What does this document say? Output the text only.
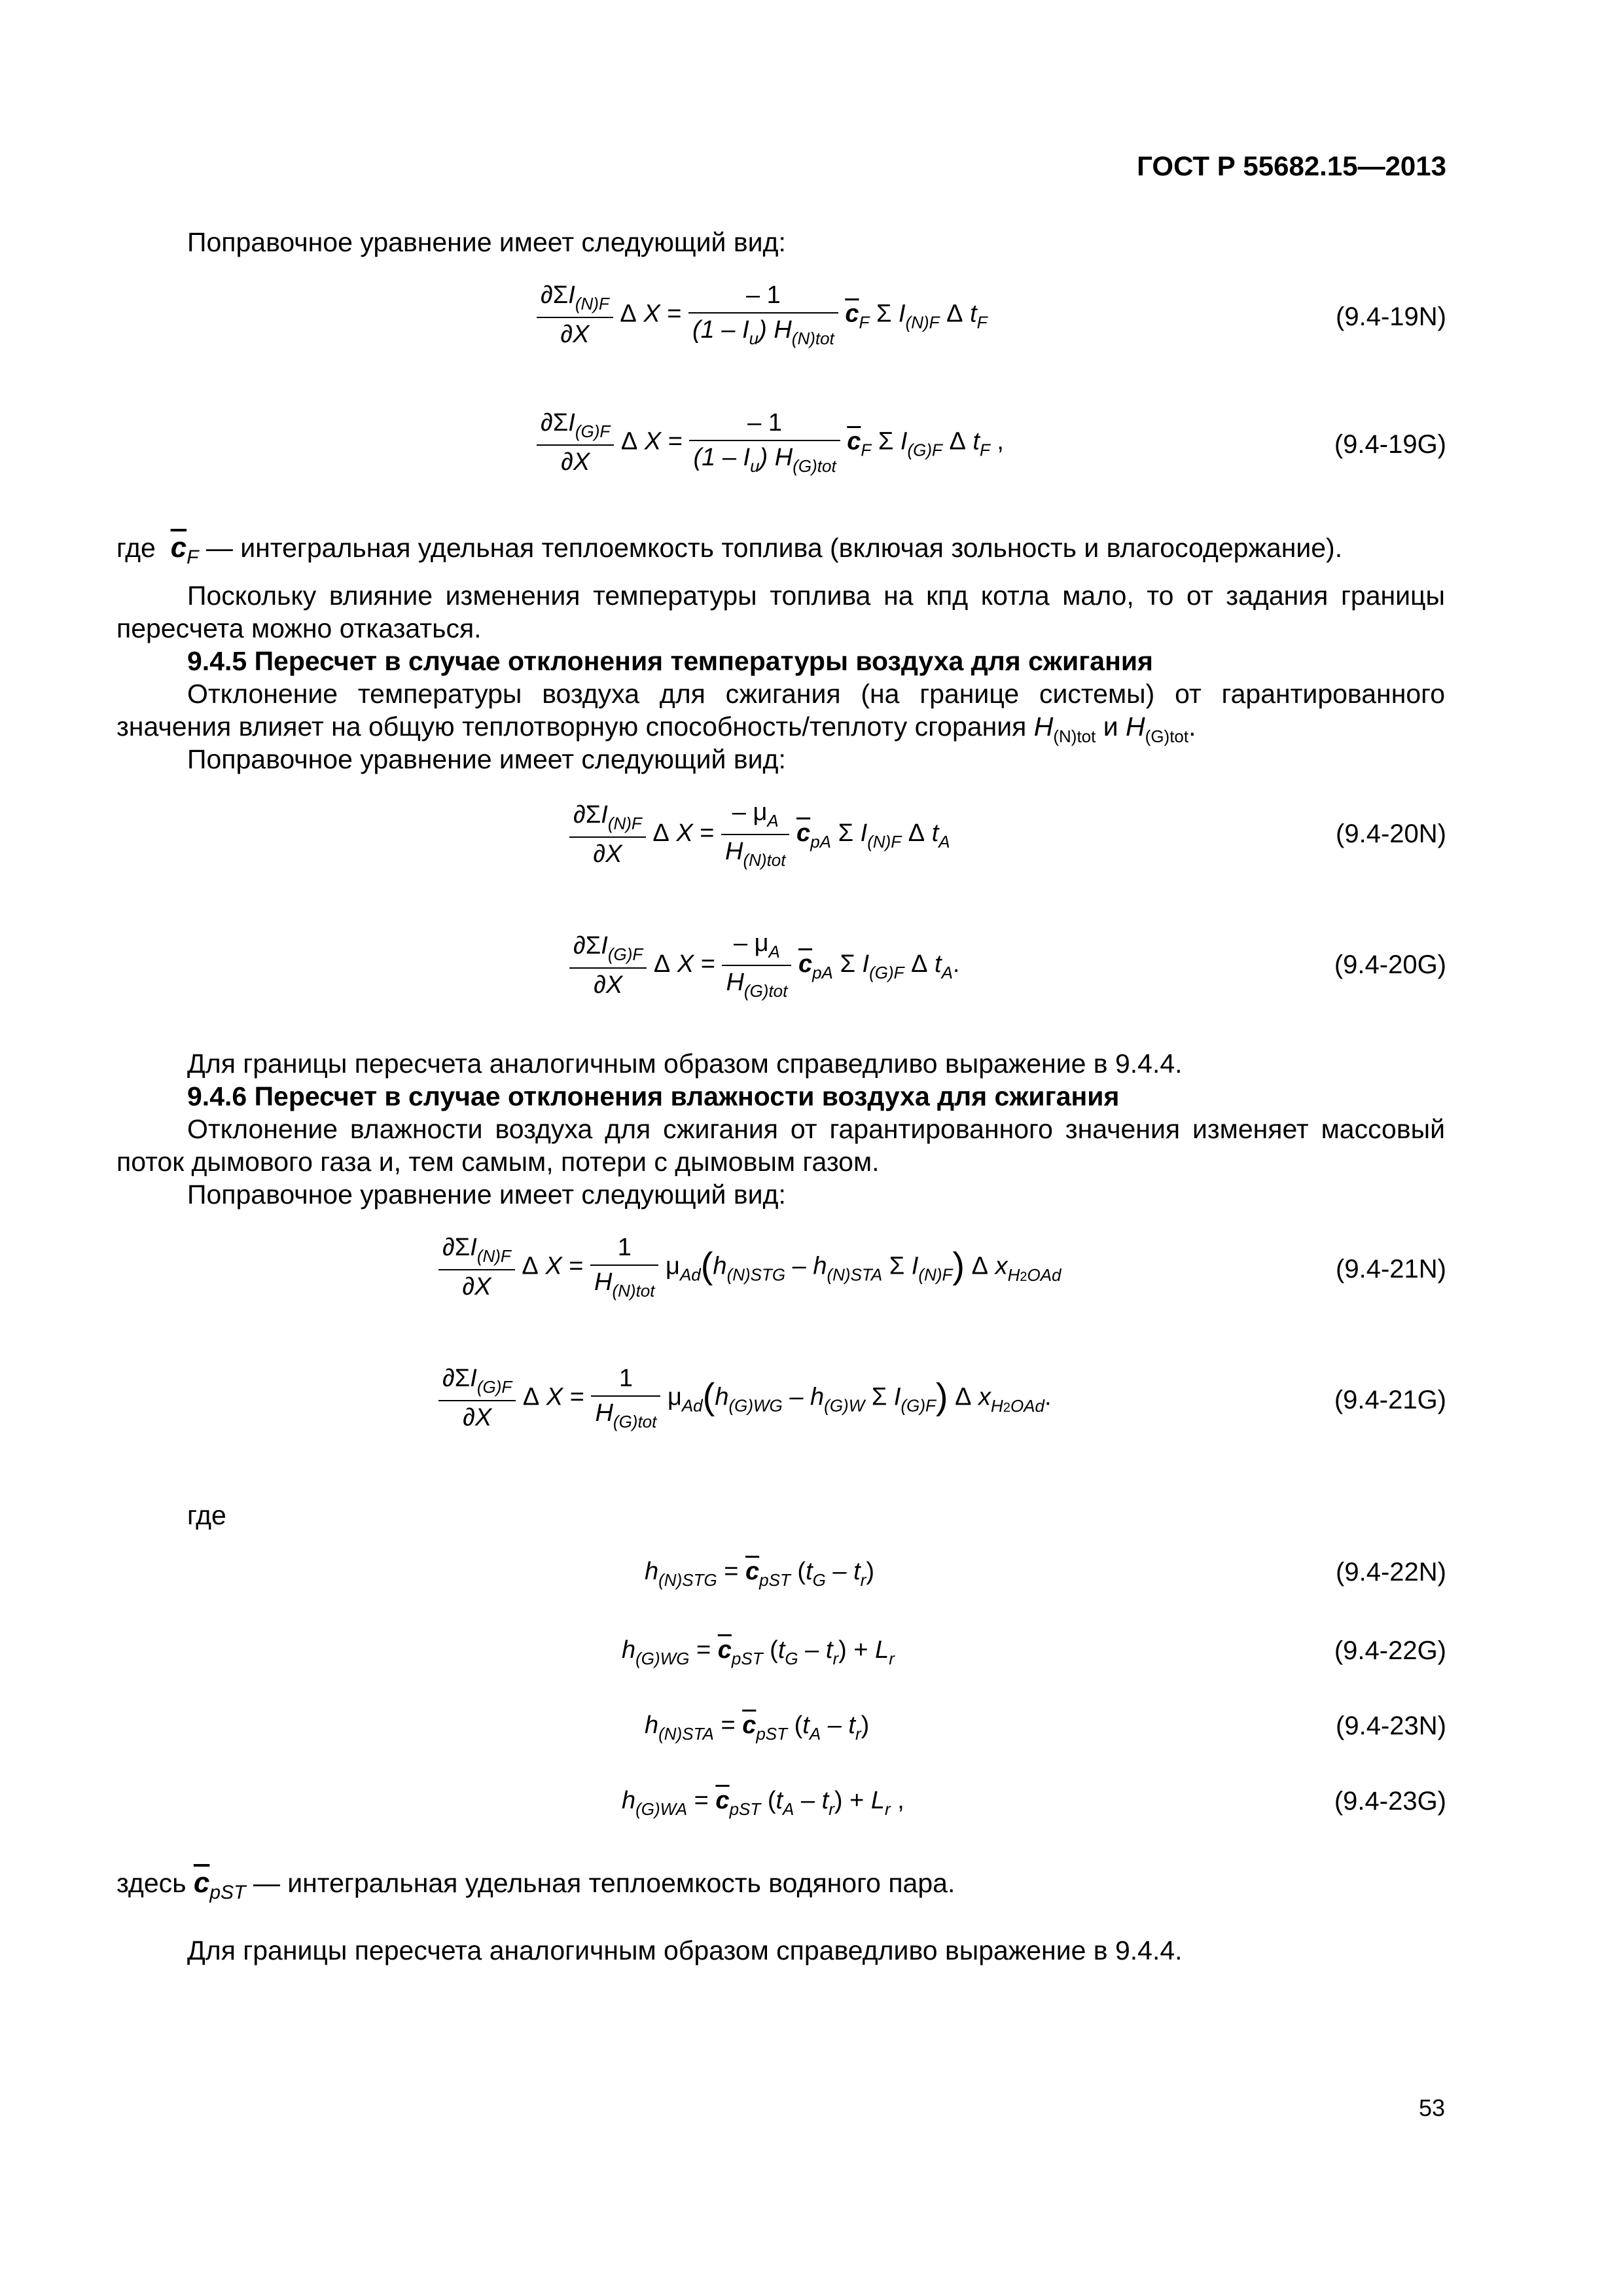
ГОСТ Р 55682.15—2013
Поправочное уравнение имеет следующий вид:
$\frac{\partial\Sigma I_{(N)F}}{\partial X}$ Δ $X = \frac{- 1}{(1 - I_u) H_{(N)tot}} \overline{c}_F$ Σ $I_{(N)F}$ Δ $t_F$	(9.4-19N)
$\frac{\partial\Sigma I_{(G)F}}{\partial X}$ Δ $X = \frac{- 1}{(1 - I_u) H_{(G)tot}} \overline{c}_F$ Σ $I_{(G)F}$ Δ $t_F$ ,	(9.4-19G)
где $\overline{c}_F$ — интегральная удельная теплоемкость топлива (включая зольность и влагосодержание).
Поскольку влияние изменения температуры топлива на кпд котла мало, то от задания границы пересчета можно отказаться.
9.4.5 Пересчет в случае отклонения температуры воздуха для сжигания
Отклонение температуры воздуха для сжигания (на границе системы) от гарантированного значения влияет на общую теплотворную способность/теплоту сгорания $H_{(N)tot}$ и $H_{(G)tot}$.
Поправочное уравнение имеет следующий вид:
$\frac{\partial\Sigma I_{(N)F}}{\partial X}$ Δ $X = \frac{- \mu_A}{H_{(N)tot}} \overline{c}_{pA}$ Σ $I_{(N)F}$ Δ $t_A$	(9.4-20N)
$\frac{\partial\Sigma I_{(G)F}}{\partial X}$ Δ $X = \frac{- \mu_A}{H_{(G)tot}} \overline{c}_{pA}$ Σ $I_{(G)F}$ Δ $t_A$.	(9.4-20G)
Для границы пересчета аналогичным образом справедливо выражение в 9.4.4.
9.4.6 Пересчет в случае отклонения влажности воздуха для сжигания
Отклонение влажности воздуха для сжигания от гарантированного значения изменяет массовый поток дымового газа и, тем самым, потери с дымовым газом.
Поправочное уравнение имеет следующий вид:
$\frac{\partial\Sigma I_{(N)F}}{\partial X}$ Δ $X = \frac{1}{H_{(N)tot}} \mu_{Ad}(h_{(N)STG} - h_{(N)STA}$ Σ $I_{(N)F}$) Δ $x_{H2OAd}$	(9.4-21N)
$\frac{\partial\Sigma I_{(G)F}}{\partial X}$ Δ $X = \frac{1}{H_{(G)tot}} \mu_{Ad}(h_{(G)WG} - h_{(G)W}$ Σ $I_{(G)F}$) Δ $x_{H2OAd}$.	(9.4-21G)
где
$h_{(N)STG} = \overline{c}_{pST}$ $(t_G - t_r)$	(9.4-22N)
$h_{(G)WG} = \overline{c}_{pST}$ $(t_G - t_r) + L_r$	(9.4-22G)
$h_{(N)STA} = \overline{c}_{pST}$ $(t_A - t_r)$	(9.4-23N)
$h_{(G)WA} = \overline{c}_{pST}$ $(t_A - t_r) + L_r$ ,	(9.4-23G)
здесь $\overline{c}_{pST}$ — интегральная удельная теплоемкость водяного пара.
Для границы пересчета аналогичным образом справедливо выражение в 9.4.4.
53
